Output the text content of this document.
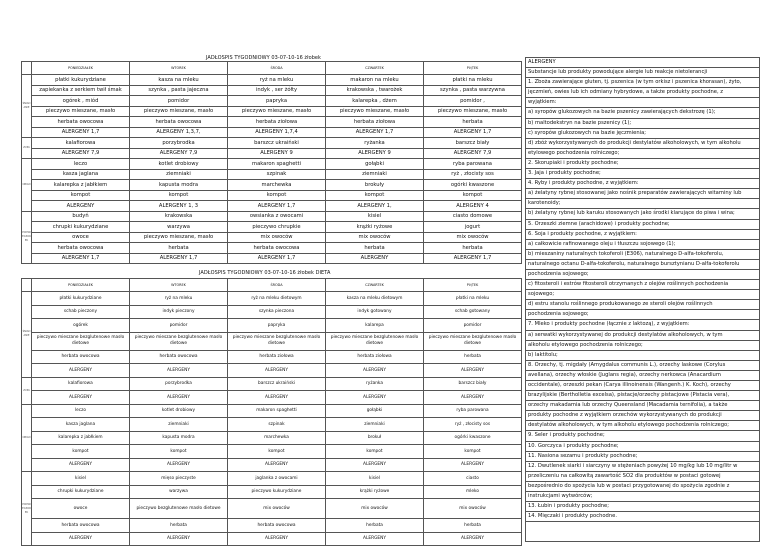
JADŁOSPIS TYGODNIOWY 03-07-10-16 żłobek
	PONIEDZIAŁEK	WTOREK	ŚRODA	CZWARTEK	PIĄTEK
ŚNIADANIE	płatki kukurydziane	kasza na mleku	ryż na mleku	makaron na mleku	płatki na mleku
	zapiekanka z serkiem twił śmak	szynka , pasta jajeczna	indyk , ser żółty	krakowska , twarożek	szynka , pasta warzywna
	ogórek , miód	pomidor	papryka	kalarepka , dżem	pomidor ,
	pieczywo mieszane, masło	pieczywo mieszane, masło	pieczywo mieszane, masło	pieczywo mieszane, masło	pieczywo mieszane, masło
	herbata owocowa	herbata owocowa	herbata ziołowa	herbata ziołowa	herbata
	ALERGENY 1,7	ALERGENY 1,3,7,	ALERGENY 1,7,4	ALERGENY 1,7	ALERGENY 1,7
ZUPA	kalafiorowa	porzybrodka	barszcz ukraiński	ryżanka	barszcz biały
	ALERGENY 7,9	ALERGENY 7,9	ALERGENY 9	ALERGENY 9	ALERGENY 7,9
OBIAD	leczo	kotlet drobiowy	makaron spaghetti	gołąbki	ryba parowana
	kasza jaglana	ziemniaki	szpinak	ziemniaki	ryż , złocisty sos
	kalarepka z jabłkiem	kapusta modra	marchewka	brokuły	ogórki kwaszone
	kompot	kompot	kompot	kompot	kompot
	ALERGENY	ALERGENY 1, 3	ALERGENY 1,7	ALERGENY 1,	ALERGENY 4
PODWIECZOREK	budyń	krakowska	owsianka z owocami	kisiel	ciasto domowe
	chrupki kukurydziane	warzywa	pieczywo chrupkie	krążki ryżowe	jogurt
	owoce	pieczywo mieszane, masło	mix owoców	mix owoców	mix owoców
	herbata owocowa	herbata	herbata owocowa	herbata	herbata
	ALERGENY 1,7	ALERGENY 1,7	ALERGENY 1,7	ALERGENY	ALERGENY 1,7
JADŁOSPIS TYGODNIOWY 03-07-10-16 żłobek DIETA
	PONIEDZIAŁEK	WTOREK	ŚRODA	CZWARTEK	PIĄTEK
ŚNIADANIE	płatki kukurydziane	ryż na mleku	ryż na mleku dietowym	kasza na mleku dietowym	płatki na mleku
	schab pieczony	indyk pieczony	szynka pieczona	indyk gotowany	schab gotowany
	ogórek	pomidor	papryka	kalarepa	pomidor
	pieczywo mieszane bezglutenowe masło dietowe	pieczywo mieszane bezglutenowe masło dietowe	pieczywo mieszane bezglutenowe masło dietowe	pieczywo mieszane bezglutenowe masło dietowe	pieczywo mieszane bezglutenowe masło dietowe
	herbata owocowa	herbata owocowa	herbata ziołowa	herbata ziołowa	herbata
	ALERGENY	ALERGENY	ALERGENY	ALERGENY	ALERGENY
ZUPA	kalafiorowa	porzybrodka	barszcz ukraiński	ryżanka	barszcz biały
	ALERGENY	ALERGENY	ALERGENY	ALERGENY	ALERGENY
OBIAD	leczo	kotlet drobiowy	makaron spaghetti	gołąbki	ryba parowana
	kasza jaglana	ziemniaki	szpinak	ziemniaki	ryż , złocisty sos
	kalarepka z jabłkiem	kapusta modra	marchewka	brokuł	ogórki kwaszone
	kompot	kompot	kompot	kompot	kompot
	ALERGENY	ALERGENY	ALERGENY	ALERGENY	ALERGENY
PODWIECZOREK	kisiel	mięso pieczyste	jaglanka z owocami	kisiel	ciasto
	chrupki kukurydziane	warzywa	pieczywo kukurydziane	krążki ryżowe	mleko
	owoce	pieczywo bezglutenowe masło dietowe	mix owoców	mix owoców	mix owoców
	herbata owocowa	herbata	herbata owocowa	herbata	herbata
	ALERGENY	ALERGENY	ALERGENY	ALERGENY	ALERGENY
ALERGENY
Substancje lub produkty powodujące alergie lub reakcje nietolerancji
1. Zboża zawierające gluten, tj. pszenica (w tym orkisz i pszenica khorasan), żyto,
jęczmień, owies lub ich odmiany hybrydowe, a także produkty pochodne, z
wyjątkiem:
a) syropów glukozowych na bazie pszenicy zawierających dekstrozę (1);
b) maltodekstryn na bazie pszenicy (1);
c) syropów glukozowych na bazie jęczmienia;
d) zbóż wykorzystywanych do produkcji destylatów alkoholowych, w tym alkoholu
etylowego pochodzenia rolniczego;
2. Skorupiaki i produkty pochodne;
3. Jaja i produkty pochodne;
4. Ryby i produkty pochodne, z wyjątkiem:
a) żelatyny rybnej stosowanej jako nośnik preparatów zawierających witaminy lub
karotenoidy;
b) żelatyny rybnej lub karuku stosowanych jako środki klarujące do piwa i wina;
5. Orzeszki ziemne (arachidowe) i produkty pochodne;
6. Soja i produkty pochodne, z wyjątkiem:
a) całkowicie rafinowanego oleju i tłuszczu sojowego (1);
b) mieszaniny naturalnych tokoferoli (E306), naturalnego D-alfa-tokoferolu,
naturalnego octanu D-alfa-tokoferolu, naturalnego bursztynianu D-alfa-tokoferolu
pochodzenia sojowego;
c) fitosteroli i estrów fitosteroli otrzymanych z olejów roślinnych pochodzenia
sojowego;
d) estru stanolu roślinnego produkowanego ze steroli olejów roślinnych
pochodzenia sojowego;
7. Mleko i produkty pochodne (łącznie z laktozą), z wyjątkiem:
a) serwatki wykorzystywanej do produkcji destylatów alkoholowych, w tym
alkoholu etylowego pochodzenia rolniczego;
b) laktitolu;
8. Orzechy, tj. migdały (Amygdalus communis L.), orzechy laskowe (Corylus
avellana), orzechy włoskie (Juglans regia), orzechy nerkowca (Anacardium
occidentale), orzeszki pekan (Carya illinoinensis (Wangenh.) K. Koch), orzechy
brazylijskie (Bertholletia excelsa), pistacje/orzechy pistacjowe (Pistacia vera),
orzechy makadamia lub orzechy Queensland (Macadamia ternifolia), a także
produkty pochodne z wyjątkiem orzechów wykorzystywanych do produkcji
destylatów alkoholowych, w tym alkoholu etylowego pochodzenia rolniczego;
9. Seler i produkty pochodne;
10. Gorczyca i produkty pochodne;
11. Nasiona sezamu i produkty pochodne;
12. Dwutlenek siarki i siarczyny w stężeniach powyżej 10 mg/kg lub 10 mg/litr w
przeliczeniu na całkowitą zawartość SO2 dla produktów w postaci gotowej
bezpośrednio do spożycia lub w postaci przygotowanej do spożycia zgodnie z
instrukcjami wytwórców;
13. Łubin i produkty pochodne;
14. Mięczaki i produkty pochodne.
